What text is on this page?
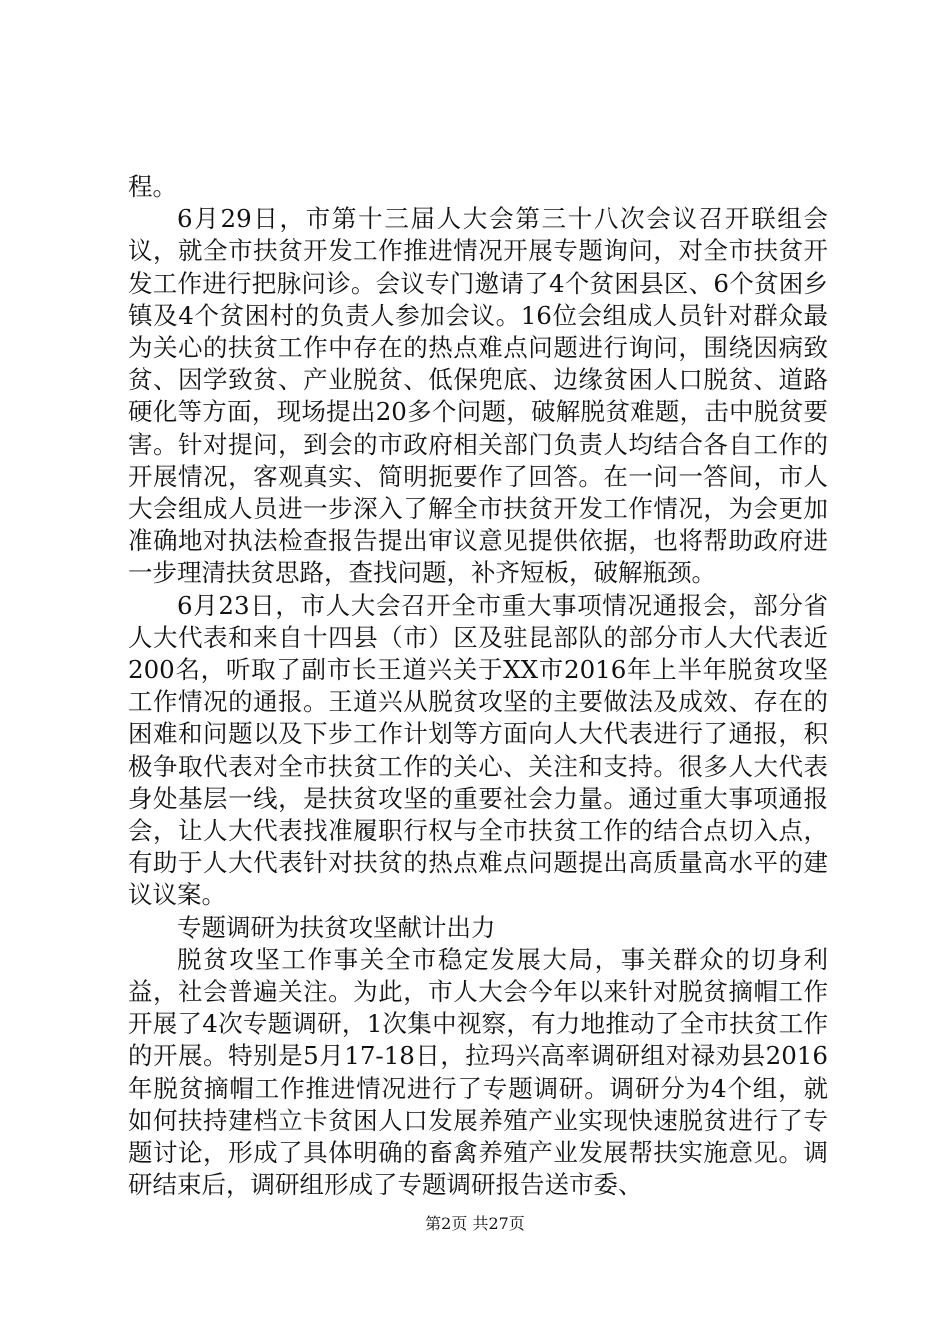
程。

6月29日，市第十三届人大会第三十八次会议召开联组会议，就全市扶贫开发工作推进情况开展专题询问，对全市扶贫开发工作进行把脉问诊。会议专门邀请了4个贫困县区、6个贫困乡镇及4个贫困村的负责人参加会议。16位会组成人员针对群众最为关心的扶贫工作中存在的热点难点问题进行询问，围绕因病致贫、因学致贫、产业脱贫、低保兜底、边缘贫困人口脱贫、道路硬化等方面，现场提出20多个问题，破解脱贫难题，击中脱贫要害。针对提问，到会的市政府相关部门负责人均结合各自工作的开展情况，客观真实、简明扼要作了回答。在一问一答间，市人大会组成人员进一步深入了解全市扶贫开发工作情况，为会更加准确地对执法检查报告提出审议意见提供依据，也将帮助政府进一步理清扶贫思路，查找问题，补齐短板，破解瓶颈。

6月23日，市人大会召开全市重大事项情况通报会，部分省人大代表和来自十四县（市）区及驻昆部队的部分市人大代表近200名，听取了副市长王道兴关于XX市2016年上半年脱贫攻坚工作情况的通报。王道兴从脱贫攻坚的主要做法及成效、存在的困难和问题以及下步工作计划等方面向人大代表进行了通报，积极争取代表对全市扶贫工作的关心、关注和支持。很多人大代表身处基层一线，是扶贫攻坚的重要社会力量。通过重大事项通报会，让人大代表找准履职行权与全市扶贫工作的结合点切入点，有助于人大代表针对扶贫的热点难点问题提出高质量高水平的建议议案。

专题调研为扶贫攻坚献计出力

脱贫攻坚工作事关全市稳定发展大局，事关群众的切身利益，社会普遍关注。为此，市人大会今年以来针对脱贫摘帽工作开展了4次专题调研，1次集中视察，有力地推动了全市扶贫工作的开展。特别是5月17-18日，拉玛兴高率调研组对禄劝县2016年脱贫摘帽工作推进情况进行了专题调研。调研分为4个组，就如何扶持建档立卡贫困人口发展养殖产业实现快速脱贫进行了专题讨论，形成了具体明确的畜禽养殖产业发展帮扶实施意见。调研结束后，调研组形成了专题调研报告送市委、

第2页 共27页
